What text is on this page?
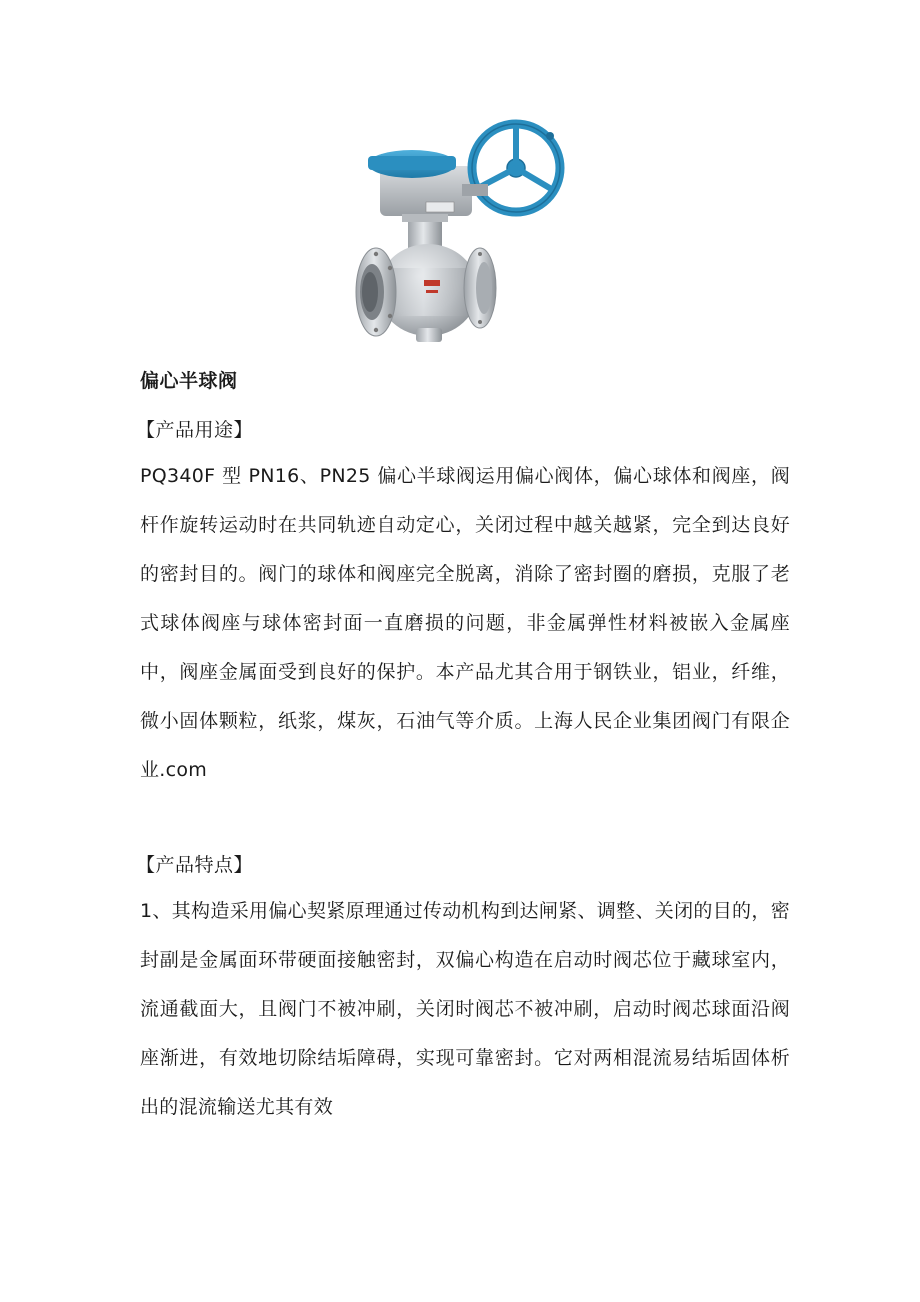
偏心半球阀
【产品用途】
PQ340F 型 PN16、PN25 偏心半球阀运用偏心阀体，偏心球体和阀座，阀杆作旋转运动时在共同轨迹自动定心，关闭过程中越关越紧，完全到达良好的密封目的。阀门的球体和阀座完全脱离，消除了密封圈的磨损，克服了老式球体阀座与球体密封面一直磨损的问题，非金属弹性材料被嵌入金属座中，阀座金属面受到良好的保护。本产品尤其合用于钢铁业，铝业，纤维，微小固体颗粒，纸浆，煤灰，石油气等介质。上海人民企业集团阀门有限企业.com
【产品特点】
1、其构造采用偏心契紧原理通过传动机构到达闸紧、调整、关闭的目的，密封副是金属面环带硬面接触密封，双偏心构造在启动时阀芯位于藏球室内，流通截面大，且阀门不被冲刷，关闭时阀芯不被冲刷，启动时阀芯球面沿阀座渐进，有效地切除结垢障碍，实现可靠密封。它对两相混流易结垢固体析出的混流输送尤其有效
